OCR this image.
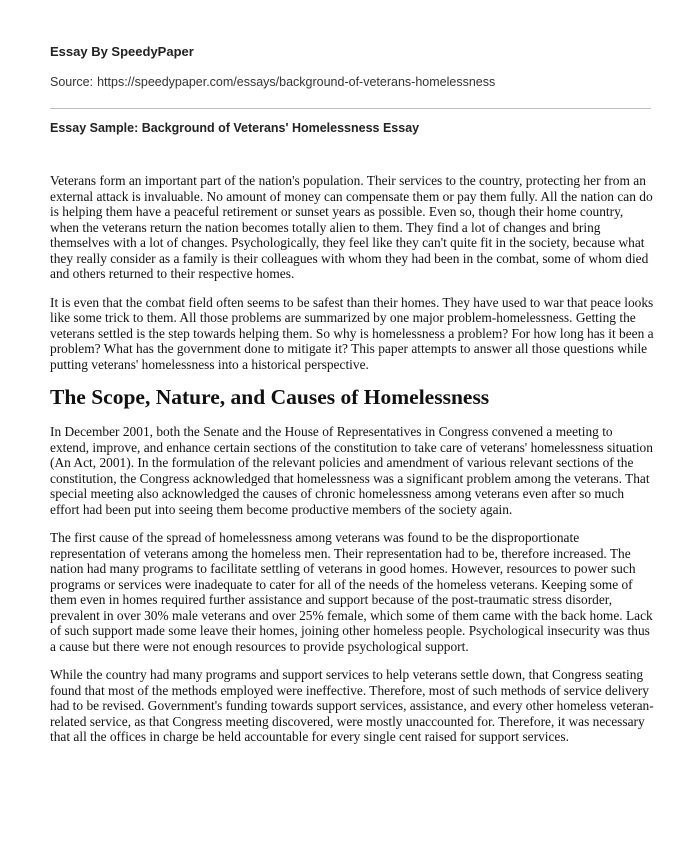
Essay By SpeedyPaper
Source: https://speedypaper.com/essays/background-of-veterans-homelessness
Essay Sample: Background of Veterans' Homelessness Essay

Veterans form an important part of the nation's population. Their services to the country, protecting her from an external attack is invaluable. No amount of money can compensate them or pay them fully. All the nation can do is helping them have a peaceful retirement or sunset years as possible. Even so, though their home country, when the veterans return the nation becomes totally alien to them. They find a lot of changes and bring themselves with a lot of changes. Psychologically, they feel like they can't quite fit in the society, because what they really consider as a family is their colleagues with whom they had been in the combat, some of whom died and others returned to their respective homes.

It is even that the combat field often seems to be safest than their homes. They have used to war that peace looks like some trick to them. All those problems are summarized by one major problem-homelessness. Getting the veterans settled is the step towards helping them. So why is homelessness a problem? For how long has it been a problem? What has the government done to mitigate it? This paper attempts to answer all those questions while putting veterans' homelessness into a historical perspective.

The Scope, Nature, and Causes of Homelessness

In December 2001, both the Senate and the House of Representatives in Congress convened a meeting to extend, improve, and enhance certain sections of the constitution to take care of veterans' homelessness situation (An Act, 2001). In the formulation of the relevant policies and amendment of various relevant sections of the constitution, the Congress acknowledged that homelessness was a significant problem among the veterans. That special meeting also acknowledged the causes of chronic homelessness among veterans even after so much effort had been put into seeing them become productive members of the society again.

The first cause of the spread of homelessness among veterans was found to be the disproportionate representation of veterans among the homeless men. Their representation had to be, therefore increased. The nation had many programs to facilitate settling of veterans in good homes. However, resources to power such programs or services were inadequate to cater for all of the needs of the homeless veterans. Keeping some of them even in homes required further assistance and support because of the post-traumatic stress disorder, prevalent in over 30% male veterans and over 25% female, which some of them came with the back home. Lack of such support made some leave their homes, joining other homeless people. Psychological insecurity was thus a cause but there were not enough resources to provide psychological support.

While the country had many programs and support services to help veterans settle down, that Congress seating found that most of the methods employed were ineffective. Therefore, most of such methods of service delivery had to be revised. Government's funding towards support services, assistance, and every other homeless veteran-related service, as that Congress meeting discovered, were mostly unaccounted for. Therefore, it was necessary that all the offices in charge be held accountable for every single cent raised for support services.
